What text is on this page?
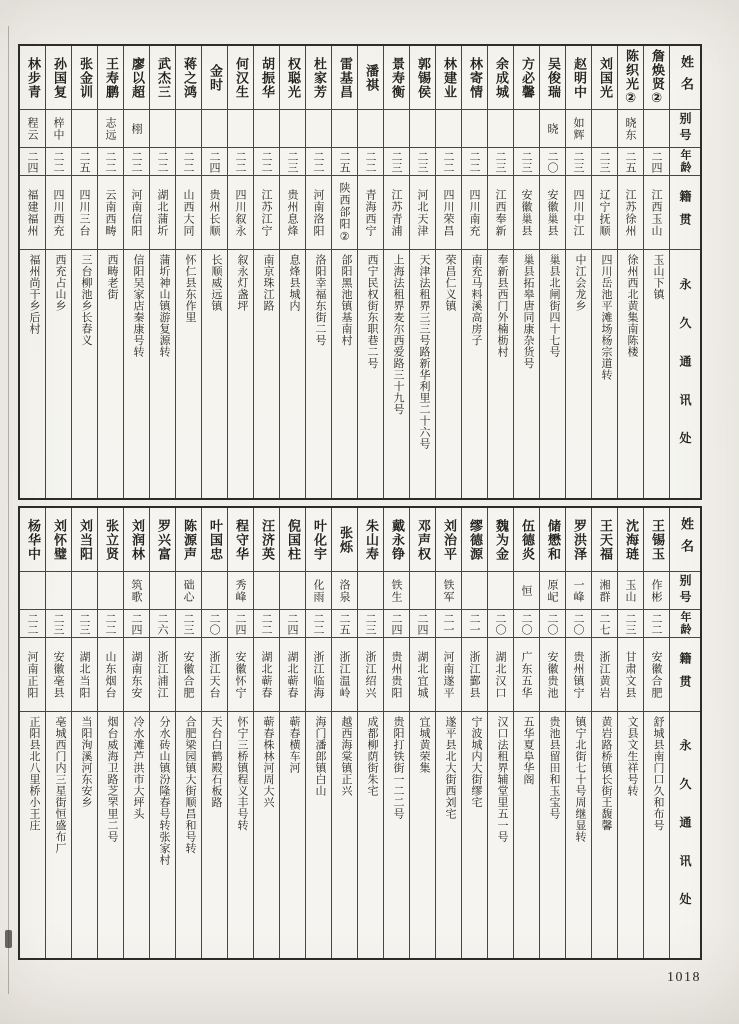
姓名
别号
年龄
籍贯
永久通讯处
詹焕贤②
二四
江西玉山
玉山下镇
陈织光②
晓东
二五
江苏徐州
徐州西北黄集南陈楼
刘国光
二三
辽宁抚顺
四川岳池平滩场杨宗道转
赵明中
如辉
二三
四川中江
中江会龙乡
吴俊瑞
晓
二〇
安徽巢县
巢县北闸街四十七号
方必馨
二三
安徽巢县
巢县拓皋唐同康杂货号
余成城
二三
江西奉新
奉新县西门外楠枥村
林寄情
二二
四川南充
南充马料溪高房子
林建业
二二
四川荣昌
荣昌仁义镇
郭锡侯
二三
河北天津
天津法租界三三号路新华利里二十六号
景寿衡
二三
江苏青浦
上海法租界麦尔西爱路三十九号
潘祺
二二
青海西宁
西宁民权街东职巷二号
雷基昌
二五
陕西郃阳②
郃阳黑池镇基南村
杜家芳
二二
河南洛阳
洛阳幸福东街二号
权聪光
二三
贵州息烽
息烽县城内
胡振华
二二
江苏江宁
南京珠江路
何汉生
二二
四川叙永
叙永灯盏坪
金时
二四
贵州长顺
长顺威远镇
蒋之鸿
二二
山西大同
怀仁县东作里
武杰三
二二
湖北蒲圻
蒲圻神山镇游复源转
廖以超
栩
二二
河南信阳
信阳吴家店秦康号转
王寿鹏
志远
二二
云南西畴
西畴老街
张金训
二五
四川三台
三台柳池乡长春义
孙国复
梓中
二二
四川西充
西充占山乡
林步青
程云
二四
福建福州
福州尚干乡后村
姓名
别号
年龄
籍贯
永久通讯处
王锡玉
作彬
二二
安徽合肥
舒城县南门口久和布号
沈海琏
玉山
二三
甘肃文县
文县文生祥号转
王天福
湘群
二七
浙江黄岩
黄岩路桥镇长街王馥馨
罗洪泽
一峰
二〇
贵州镇宁
镇宁北街七十号周继显转
储懋和
原屺
二〇
安徽贵池
贵池县留田和玉宝号
伍德炎
恒
二〇
广东五华
五华夏阜华阁
魏为金
二〇
湖北汉口
汉口法租界辅堂里五一号
缪德源
二一
浙江鄞县
宁波城内大街缪宅
刘治平
铁军
二一
河南遂平
遂平县北大街西刘宅
邓声权
二四
湖北宜城
宜城黄荣集
戴永铮
铁生
二四
贵州贵阳
贵阳打铁街一二二号
朱山寿
二三
浙江绍兴
成都柳荫街朱宅
张烁
洛泉
二五
浙江温岭
越西海棠镇正兴
叶化宇
化雨
二二
浙江临海
海门潘郎镇白山
倪国柱
二四
湖北蕲春
蕲春横车河
汪济英
二二
湖北蕲春
蕲春株林河周大兴
程守华
秀峰
二四
安徽怀宁
怀宁三桥镇程义丰号转
叶国忠
二〇
浙江天台
天台白鹤殿石板路
陈源声
础心
二三
安徽合肥
合肥梁园镇大街顺昌和号转
罗兴富
二六
浙江浦江
分水砖山镇汾隆春号转张家村
刘润林
筑歌
二四
湖南东安
冷水滩芦洪市大坪头
张立贤
二二
山东烟台
烟台威海卫路芝罘里二号
刘当阳
二三
湖北当阳
当阳洵溪河东安乡
刘怀璧
二三
安徽亳县
亳城西门内三星街恒盛布厂
杨华中
二二
河南正阳
正阳县北八里桥小王庄
1018
